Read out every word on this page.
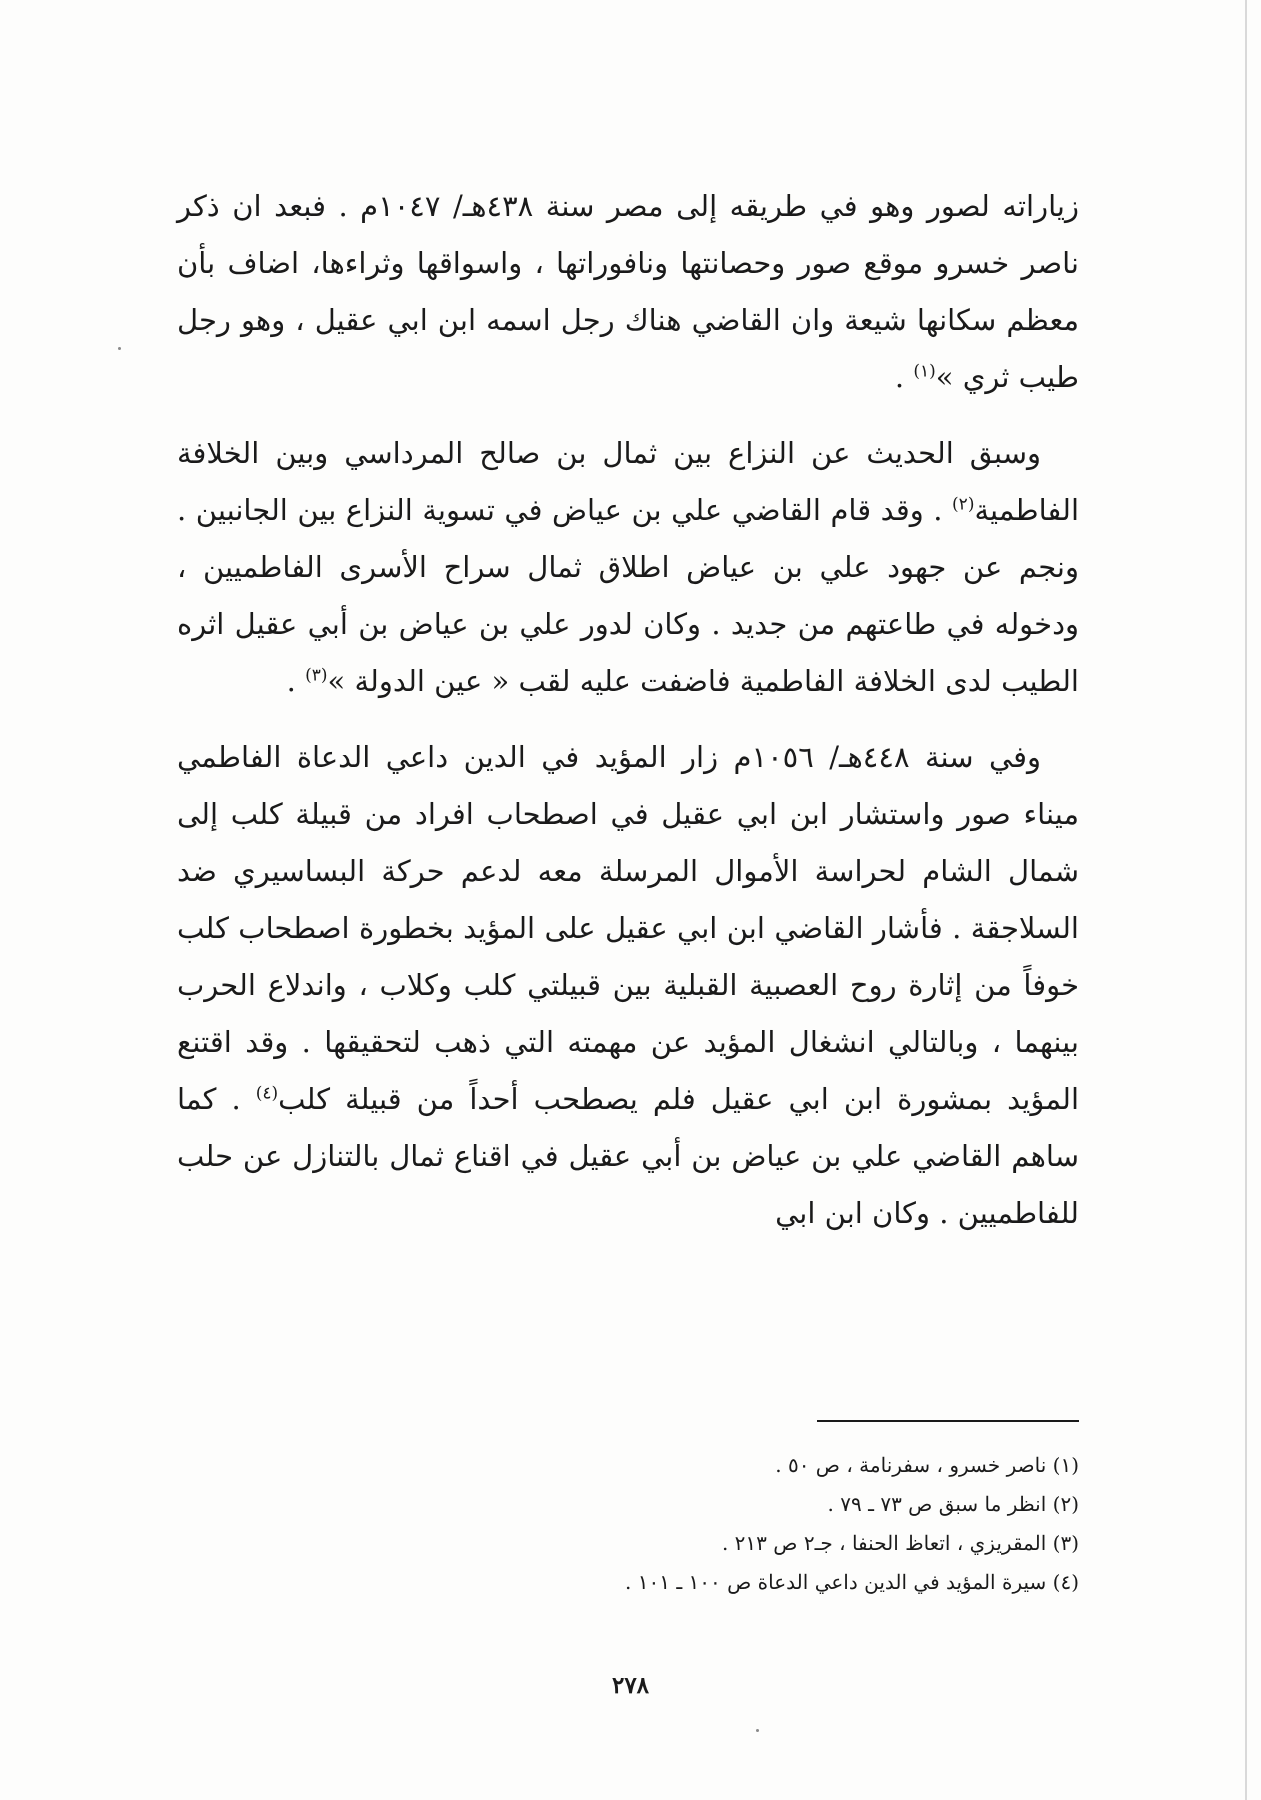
زياراته لصور وهو في طريقه إلى مصر سنة ٤٣٨هـ/ ١٠٤٧م . فبعد ان ذكر ناصر خسرو موقع صور وحصانتها ونافوراتها ، واسواقها وثراءها، اضاف بأن معظم سكانها شيعة وان القاضي هناك رجل اسمه ابن ابي عقيل ، وهو رجل طيب ثري »$^{(١)}$ .

وسبق الحديث عن النزاع بين ثمال بن صالح المرداسي وبين الخلافة الفاطمية$^{(٢)}$ . وقد قام القاضي علي بن عياض في تسوية النزاع بين الجانبين . ونجم عن جهود علي بن عياض اطلاق ثمال سراح الأسرى الفاطميين ، ودخوله في طاعتهم من جديد . وكان لدور علي بن عياض بن أبي عقيل اثره الطيب لدى الخلافة الفاطمية فاضفت عليه لقب « عين الدولة »$^{(٣)}$ .

وفي سنة ٤٤٨هـ/ ١٠٥٦م زار المؤيد في الدين داعي الدعاة الفاطمي ميناء صور واستشار ابن ابي عقيل في اصطحاب افراد من قبيلة كلب إلى شمال الشام لحراسة الأموال المرسلة معه لدعم حركة البساسيري ضد السلاجقة . فأشار القاضي ابن ابي عقيل على المؤيد بخطورة اصطحاب كلب خوفاً من إثارة روح العصبية القبلية بين قبيلتي كلب وكلاب ، واندلاع الحرب بينهما ، وبالتالي انشغال المؤيد عن مهمته التي ذهب لتحقيقها . وقد اقتنع المؤيد بمشورة ابن ابي عقيل فلم يصطحب أحداً من قبيلة كلب$^{(٤)}$ . كما ساهم القاضي علي بن عياض بن أبي عقيل في اقناع ثمال بالتنازل عن حلب للفاطميين . وكان ابن ابي

(١) ناصر خسرو ، سفرنامة ، ص ٥٠ .
(٢) انظر ما سبق ص ٧٣ ـ ٧٩ .
(٣) المقريزي ، اتعاظ الحنفا ، جـ٢ ص ٢١٣ .
(٤) سيرة المؤيد في الدين داعي الدعاة ص ١٠٠ ـ ١٠١ .
٢٧٨
